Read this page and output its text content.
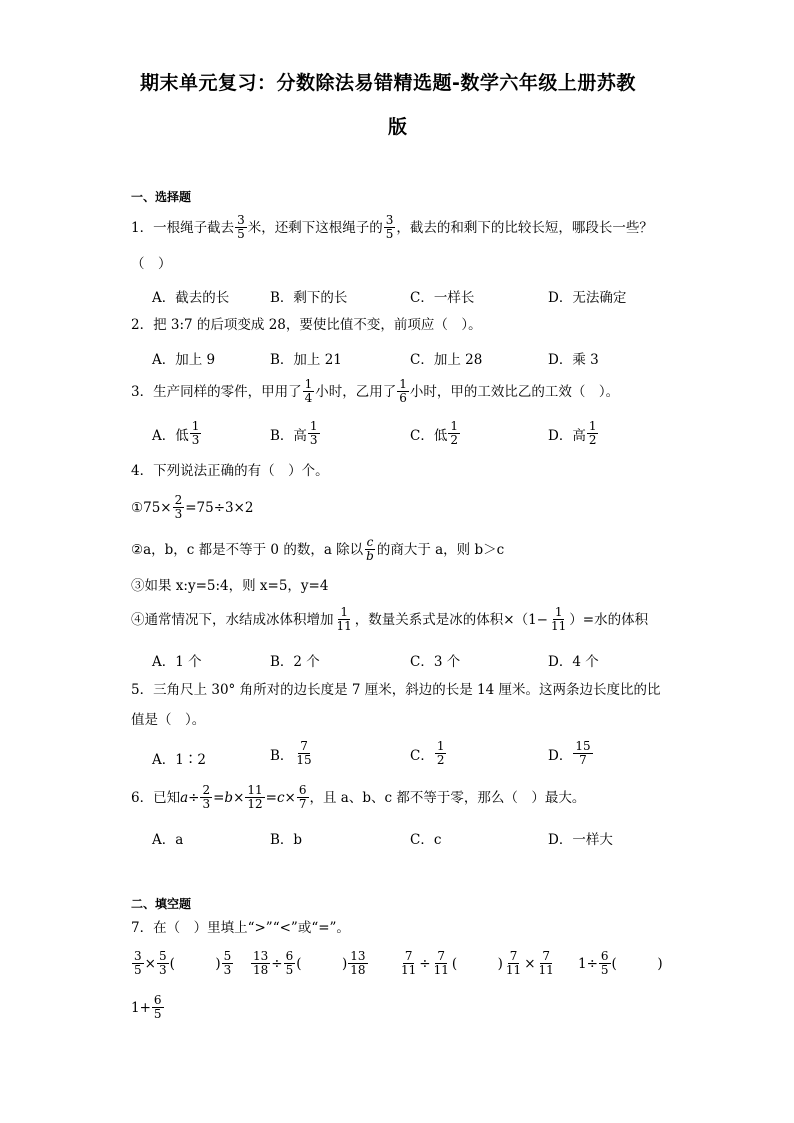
期末单元复习：分数除法易错精选题-数学六年级上册苏教
版
一、选择题
1．一根绳子截去 $\frac{3}{5}$ 米，还剩下这根绳子的 $\frac{3}{5}$ ，截去的和剩下的比较长短，哪段长一些？
（　）
A．截去的长	B．剩下的长	C．一样长	D．无法确定
2．把 3:7 的后项变成 28，要使比值不变，前项应（　）。
A．加上 9	B．加上 21	C．加上 28	D．乘 3
3．生产同样的零件，甲用了 $\frac{1}{4}$ 小时，乙用了 $\frac{1}{6}$ 小时，甲的工效比乙的工效（　）。
A．低 $\frac{1}{3}$	B．高 $\frac{1}{3}$	C．低 $\frac{1}{2}$	D．高 $\frac{1}{2}$
4．下列说法正确的有（　）个。
①75× $\frac{2}{3} =75\div 3\times 2$
②a，b，c 都是不等于 0 的数，a 除以 $\frac{c}{b}$ 的商大于 a，则 b＞c
③如果 x:y=5:4，则 x=5，y=4
④通常情况下，水结成冰体积增加 $\frac{1}{11}$ ，数量关系式是冰的体积$\times(1- \frac{1}{11}$ ）=水的体积
A．1 个	B．2 个	C．3 个	D．4 个
5．三角尺上 30° 角所对的边长度是 7 厘米，斜边的长是 14 厘米。这两条边长度比的比
值是（　）。
A．1∶2	B． $\frac{7}{15}$	C． $\frac{1}{2}$	D． $\frac{15}{7}$
6．已知 $a \div \frac{2}{3} = b \times \frac{11}{12} = c \times \frac{6}{7}$ ，且 a、b、c 都不等于零，那么（　）最大。
A．a	B．b	C．c	D．一样大
二、填空题
7．在（　）里填上“>”“<”或“=”。
$\frac{3}{5} \times \frac{5}{3}$ (　　　) $\frac{5}{3} \frac{13}{18} \div \frac{6}{5}$ (　　　) $\frac{13}{18}$	$\frac{7}{11} \div \frac{7}{11}$ (　　　) $\frac{7}{11} \times \frac{7}{11} 1\div \frac{6}{5}$ (　　　)
$1+ \frac{6}{5}$
